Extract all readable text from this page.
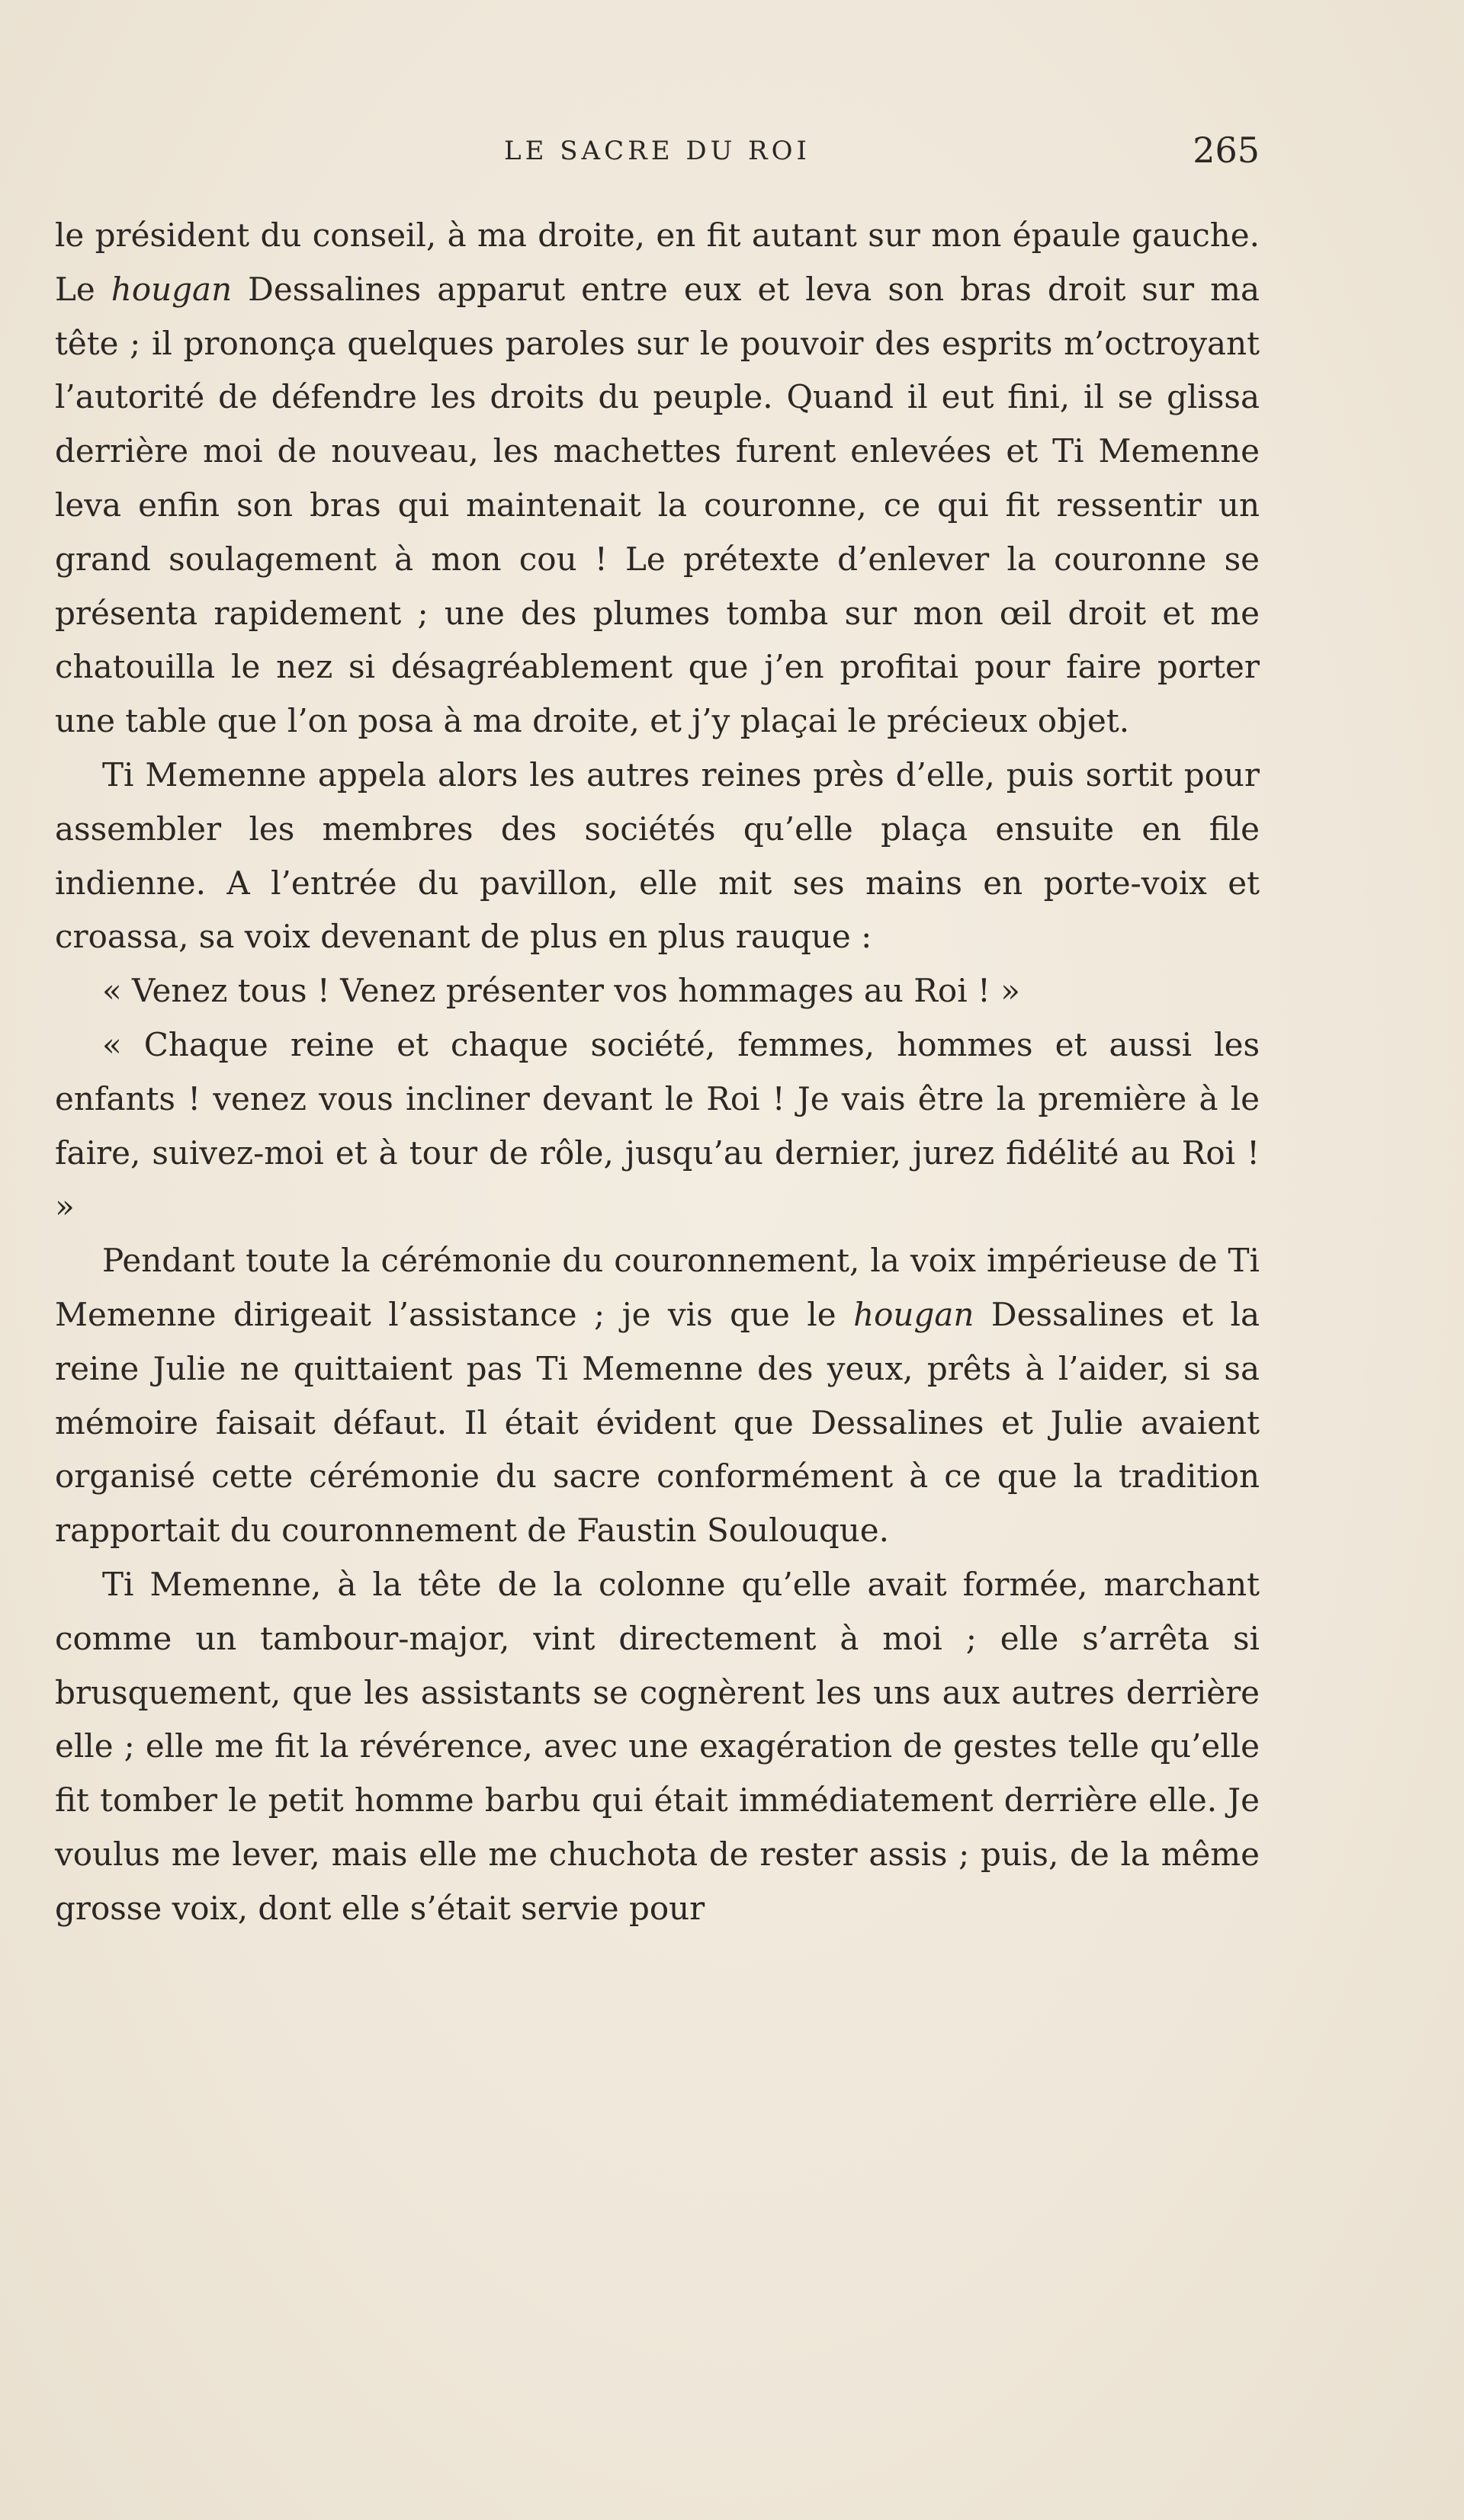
LE SACRE DU ROI	265

le président du conseil, à ma droite, en fit autant sur mon épaule gauche. Le hougan Dessalines apparut entre eux et leva son bras droit sur ma tête ; il prononça quelques paroles sur le pouvoir des esprits m’octroyant l’autorité de défendre les droits du peuple. Quand il eut fini, il se glissa derrière moi de nouveau, les machettes furent enlevées et Ti Memenne leva enfin son bras qui maintenait la couronne, ce qui fit ressentir un grand soulagement à mon cou ! Le prétexte d’enlever la couronne se présenta rapidement ; une des plumes tomba sur mon œil droit et me chatouilla le nez si désagréablement que j’en profitai pour faire porter une table que l’on posa à ma droite, et j’y plaçai le précieux objet.

Ti Memenne appela alors les autres reines près d’elle, puis sortit pour assembler les membres des sociétés qu’elle plaça ensuite en file indienne. A l’entrée du pavillon, elle mit ses mains en porte-voix et croassa, sa voix devenant de plus en plus rauque :

« Venez tous ! Venez présenter vos hommages au Roi ! »

« Chaque reine et chaque société, femmes, hommes et aussi les enfants ! venez vous incliner devant le Roi ! Je vais être la première à le faire, suivez-moi et à tour de rôle, jusqu’au dernier, jurez fidélité au Roi ! »

Pendant toute la cérémonie du couronnement, la voix impérieuse de Ti Memenne dirigeait l’assistance ; je vis que le hougan Dessalines et la reine Julie ne quittaient pas Ti Memenne des yeux, prêts à l’aider, si sa mémoire faisait défaut. Il était évident que Dessalines et Julie avaient organisé cette cérémonie du sacre conformément à ce que la tradition rapportait du couronnement de Faustin Soulouque.

Ti Memenne, à la tête de la colonne qu’elle avait formée, marchant comme un tambour-major, vint directement à moi ; elle s’arrêta si brusquement, que les assistants se cognèrent les uns aux autres derrière elle ; elle me fit la révérence, avec une exagération de gestes telle qu’elle fit tomber le petit homme barbu qui était immédiatement derrière elle. Je voulus me lever, mais elle me chuchota de rester assis ; puis, de la même grosse voix, dont elle s’était servie pour
